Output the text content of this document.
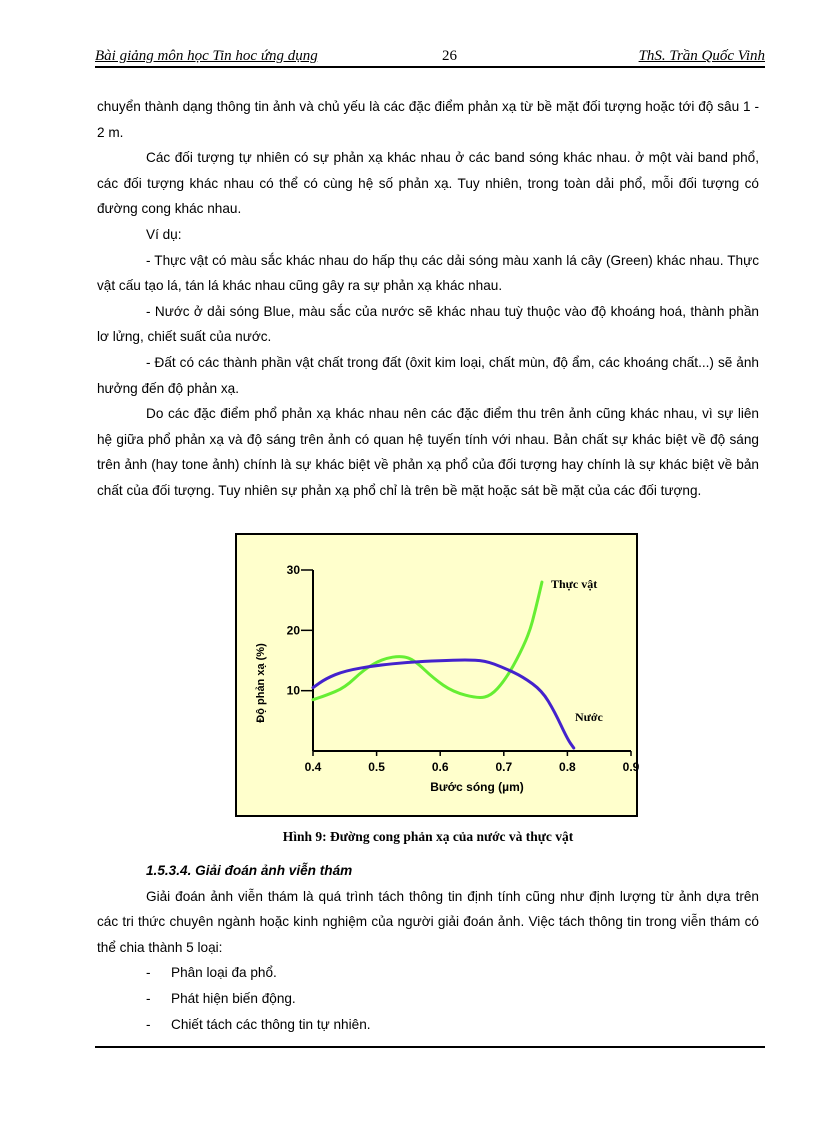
Bài giảng môn học Tin hoc ứng dụng	26	ThS. Trần Quốc Vinh

chuyển thành dạng thông tin ảnh và chủ yếu là các đặc điểm phản xạ từ bề mặt đối tượng hoặc tới độ sâu 1 - 2 m.

Các đối tượng tự nhiên có sự phản xạ khác nhau ở các band sóng khác nhau. ở một vài band phổ, các đối tượng khác nhau có thể có cùng hệ số phản xạ. Tuy nhiên, trong toàn dải phổ, mỗi đối tượng có đường cong khác nhau.

Ví dụ:

- Thực vật có màu sắc khác nhau do hấp thụ các dải sóng màu xanh lá cây (Green) khác nhau. Thực vật cấu tạo lá, tán lá khác nhau cũng gây ra sự phản xạ khác nhau.

- Nước ở dải sóng Blue, màu sắc của nước sẽ khác nhau tuỳ thuộc vào độ khoáng hoá, thành phần lơ lửng, chiết suất của nước.

- Đất có các thành phần vật chất trong đất (ôxit kim loại, chất mùn, độ ẩm, các khoáng chất...) sẽ ảnh hưởng đến độ phản xạ.

Do các đặc điểm phổ phản xạ khác nhau nên các đặc điểm thu trên ảnh cũng khác nhau, vì sự liên hệ giữa phổ phản xạ và độ sáng trên ảnh có quan hệ tuyến tính với nhau. Bản chất sự khác biệt về độ sáng trên ảnh (hay tone ảnh) chính là sự khác biệt về phản xạ phổ của đối tượng hay chính là sự khác biệt về bản chất của đối tượng. Tuy nhiên sự phản xạ phổ chỉ là trên bề mặt hoặc sát bề mặt của các đối tượng.

Độ phản xạ (%)
Bước sóng (µm)
0.4	0.5	0.6	0.7	0.8	0.9
10
20
30
Thực vật
Nước
Hình 9: Đường cong phản xạ của nước và thực vật
1.5.3.4. Giải đoán ảnh viễn thám

Giải đoán ảnh viễn thám là quá trình tách thông tin định tính cũng như định lượng từ ảnh dựa trên các tri thức chuyên ngành hoặc kinh nghiệm của người giải đoán ảnh. Việc tách thông tin trong viễn thám có thể chia thành 5 loại:

- Phân loại đa phổ.
- Phát hiện biến động.
- Chiết tách các thông tin tự nhiên.
